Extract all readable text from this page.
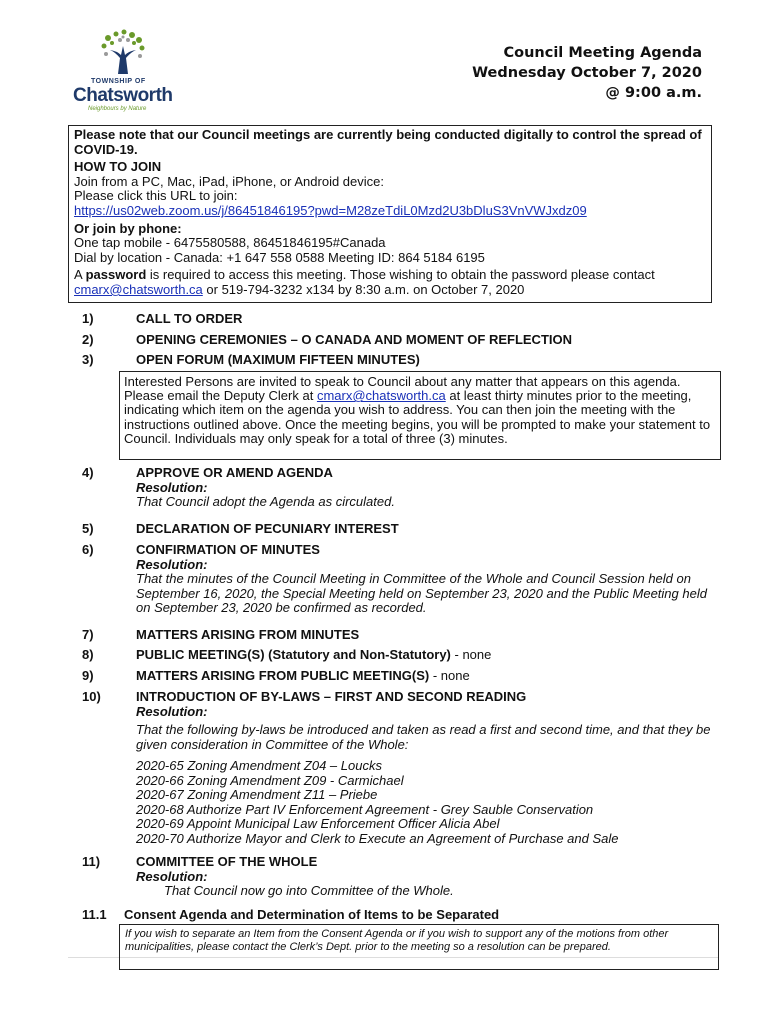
TOWNSHIP OF
Chatsworth
Neighbours by Nature
Council Meeting Agenda
Wednesday October 7, 2020
@ 9:00 a.m.

Please note that our Council meetings are currently being conducted digitally to control the spread of COVID-19.

HOW TO JOIN

Join from a PC, Mac, iPad, iPhone, or Android device:

Please click this URL to join:

https://us02web.zoom.us/j/86451846195?pwd=M28zeTdiL0Mzd2U3bDluS3VnVWJxdz09

Or join by phone:

One tap mobile - 6475580588, 86451846195#Canada

Dial by location - Canada: +1 647 558 0588 Meeting ID: 864 5184 6195

A password is required to access this meeting. Those wishing to obtain the password please contact cmarx@chatsworth.ca or 519-794-3232 x134 by 8:30 a.m. on October 7, 2020

1)	CALL TO ORDER
2)	OPENING CEREMONIES – O CANADA AND MOMENT OF REFLECTION
3)	OPEN FORUM (MAXIMUM FIFTEEN MINUTES)
Interested Persons are invited to speak to Council about any matter that appears on this agenda. Please email the Deputy Clerk at cmarx@chatsworth.ca at least thirty minutes prior to the meeting, indicating which item on the agenda you wish to address. You can then join the meeting with the instructions outlined above. Once the meeting begins, you will be prompted to make your statement to Council. Individuals may only speak for a total of three (3) minutes.
4)	APPROVE OR AMEND AGENDA
Resolution:
That Council adopt the Agenda as circulated.
5)	DECLARATION OF PECUNIARY INTEREST
6)	CONFIRMATION OF MINUTES
Resolution:
That the minutes of the Council Meeting in Committee of the Whole and Council Session held on September 16, 2020, the Special Meeting held on September 23, 2020 and the Public Meeting held on September 23, 2020 be confirmed as recorded.
7)	MATTERS ARISING FROM MINUTES
8)	PUBLIC MEETING(S) (Statutory and Non-Statutory) - none
9)	MATTERS ARISING FROM PUBLIC MEETING(S) - none
10)	INTRODUCTION OF BY-LAWS – FIRST AND SECOND READING
Resolution:
That the following by-laws be introduced and taken as read a first and second time, and that they be given consideration in Committee of the Whole:
2020-65 Zoning Amendment Z04 – Loucks
2020-66 Zoning Amendment Z09 - Carmichael
2020-67 Zoning Amendment Z11 – Priebe
2020-68 Authorize Part IV Enforcement Agreement - Grey Sauble Conservation
2020-69 Appoint Municipal Law Enforcement Officer Alicia Abel
2020-70 Authorize Mayor and Clerk to Execute an Agreement of Purchase and Sale
11)	COMMITTEE OF THE WHOLE
Resolution:
That Council now go into Committee of the Whole.
11.1 Consent Agenda and Determination of Items to be Separated
If you wish to separate an Item from the Consent Agenda or if you wish to support any of the motions from other municipalities, please contact the Clerk’s Dept. prior to the meeting so a resolution can be prepared.
